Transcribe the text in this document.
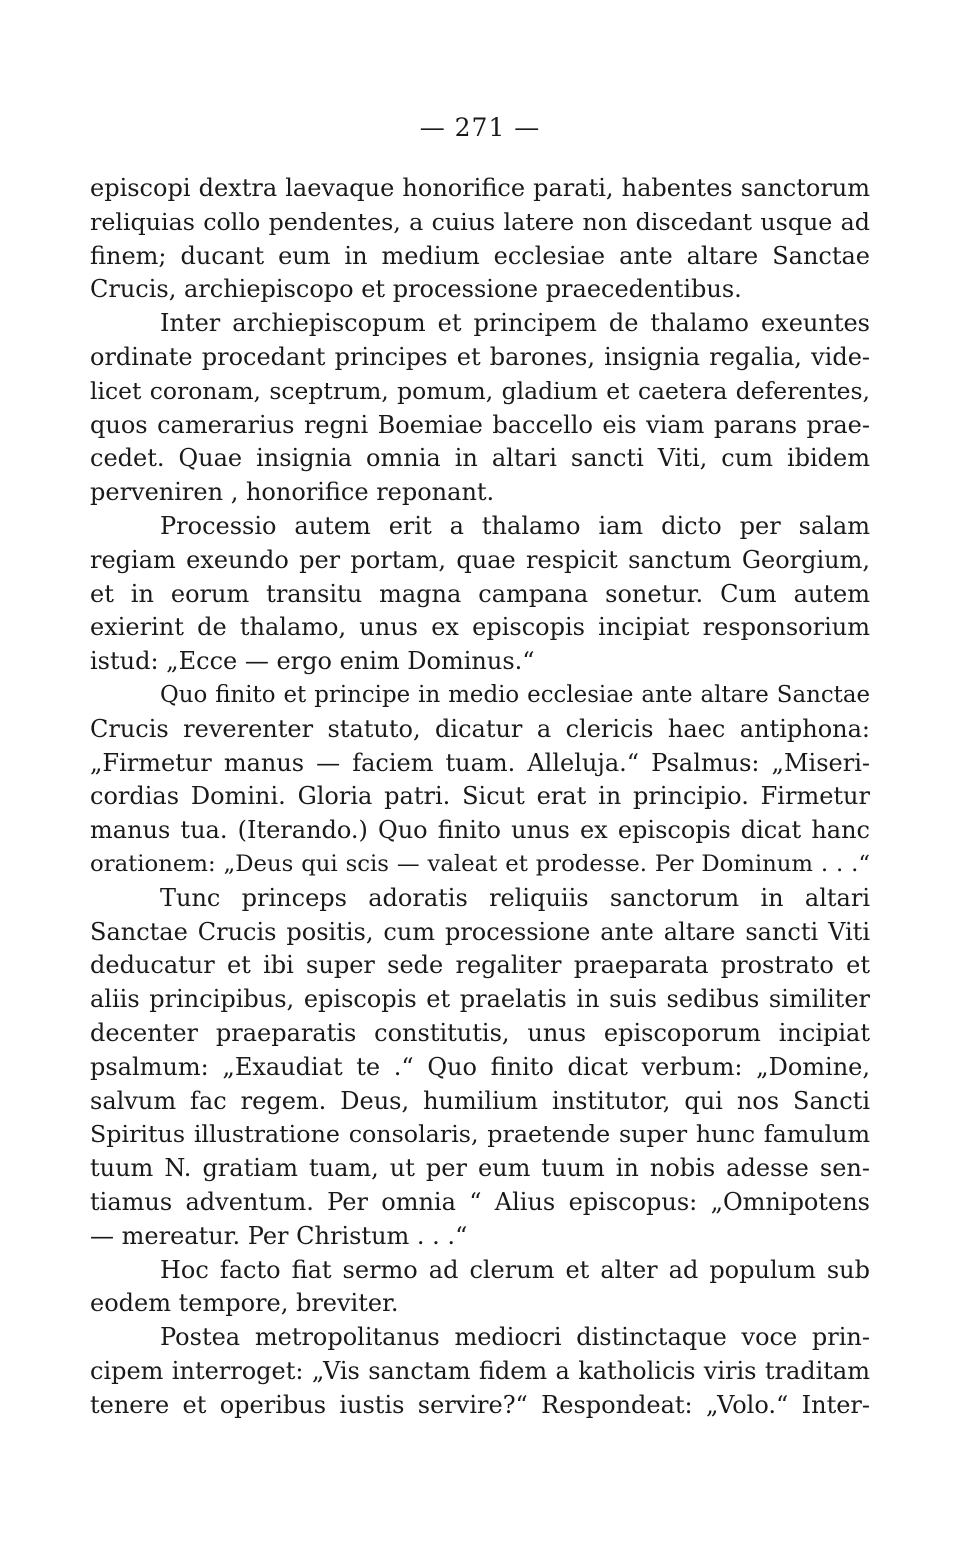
— 271 —
episcopi dextra laevaque honorifice parati, habentes sanctorum
reliquias collo pendentes, a cuius latere non discedant usque ad
finem; ducant eum in medium ecclesiae ante altare Sanctae
Crucis, archiepiscopo et processione praecedentibus.
Inter archiepiscopum et principem de thalamo exeuntes
ordinate procedant principes et barones, insignia regalia, vide-
licet coronam, sceptrum, pomum, gladium et caetera deferentes,
quos camerarius regni Boemiae baccello eis viam parans prae-
cedet. Quae insignia omnia in altari sancti Viti, cum ibidem
perveniren , honorifice reponant.
Processio autem erit a thalamo iam dicto per salam
regiam exeundo per portam, quae respicit sanctum Georgium,
et in eorum transitu magna campana sonetur. Cum autem
exierint de thalamo, unus ex episcopis incipiat responsorium
istud: „Ecce — ergo enim Dominus.“
Quo finito et principe in medio ecclesiae ante altare Sanctae
Crucis reverenter statuto, dicatur a clericis haec antiphona:
„Firmetur manus — faciem tuam. Alleluja.“ Psalmus: „Miseri-
cordias Domini. Gloria patri. Sicut erat in principio. Firmetur
manus tua. (Iterando.) Quo finito unus ex episcopis dicat hanc
orationem: „Deus qui scis — valeat et prodesse. Per Dominum . . .“
Tunc princeps adoratis reliquiis sanctorum in altari
Sanctae Crucis positis, cum processione ante altare sancti Viti
deducatur et ibi super sede regaliter praeparata prostrato et
aliis principibus, episcopis et praelatis in suis sedibus similiter
decenter praeparatis constitutis, unus episcoporum incipiat
psalmum: „Exaudiat te .“ Quo finito dicat verbum: „Domine,
salvum fac regem. Deus, humilium institutor, qui nos Sancti
Spiritus illustratione consolaris, praetende super hunc famulum
tuum N. gratiam tuam, ut per eum tuum in nobis adesse sen-
tiamus adventum. Per omnia “ Alius episcopus: „Omnipotens
— mereatur. Per Christum . . .“
Hoc facto fiat sermo ad clerum et alter ad populum sub
eodem tempore, breviter.
Postea metropolitanus mediocri distinctaque voce prin-
cipem interroget: „Vis sanctam fidem a katholicis viris traditam
tenere et operibus iustis servire?“ Respondeat: „Volo.“ Inter-
